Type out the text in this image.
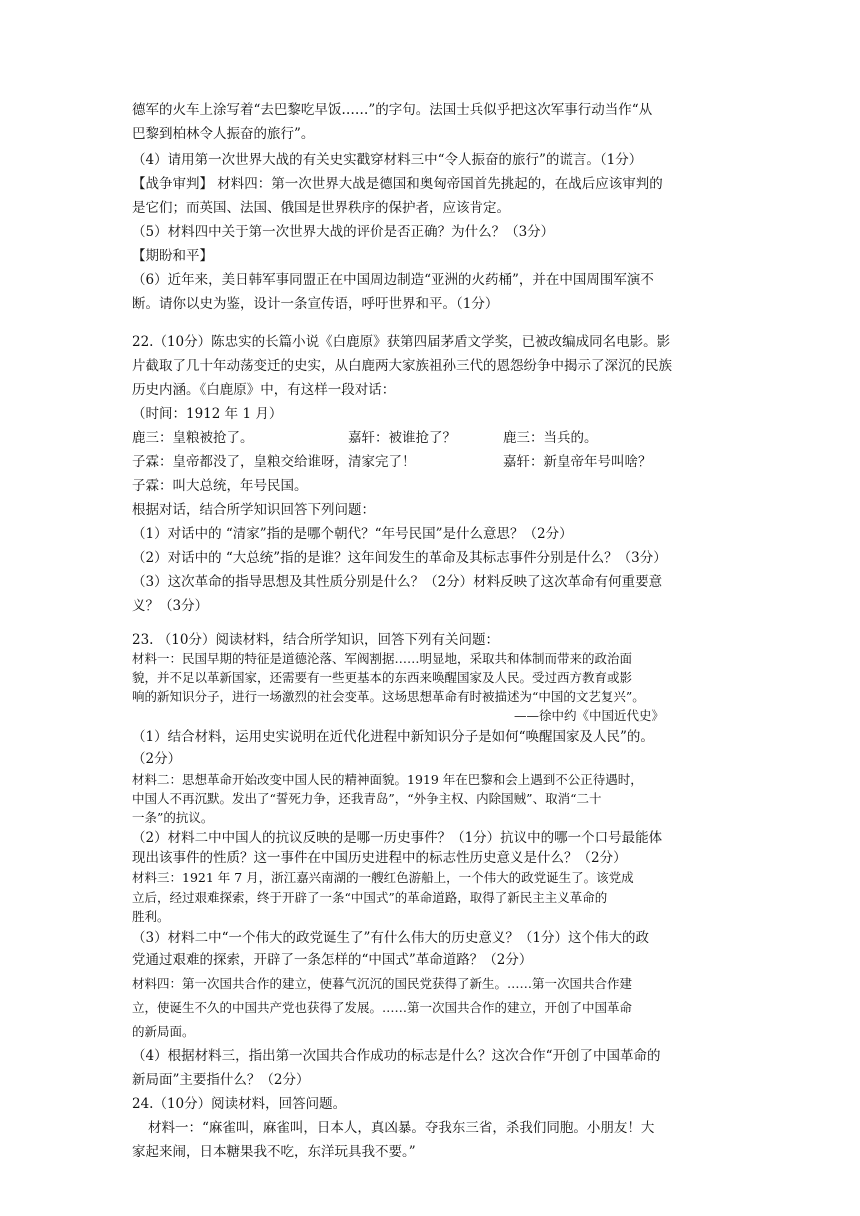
德军的火车上涂写着“去巴黎吃早饭……”的字句。法国士兵似乎把这次军事行动当作“从
巴黎到柏林令人振奋的旅行”。
（4）请用第一次世界大战的有关史实戳穿材料三中“令人振奋的旅行”的谎言。（1分）
【战争审判】 材料四：第一次世界大战是德国和奥匈帝国首先挑起的，在战后应该审判的
是它们；而英国、法国、俄国是世界秩序的保护者，应该肯定。
（5）材料四中关于第一次世界大战的评价是否正确？为什么？（3分）
【期盼和平】
（6）近年来，美日韩军事同盟正在中国周边制造“亚洲的火药桶”，并在中国周围军演不
断。请你以史为鉴，设计一条宣传语，呼吁世界和平。（1分）
22.（10分）陈忠实的长篇小说《白鹿原》获第四届茅盾文学奖，已被改编成同名电影。影
片截取了几十年动荡变迁的史实，从白鹿两大家族祖孙三代的恩怨纷争中揭示了深沉的民族
历史内涵。《白鹿原》中，有这样一段对话：
（时间：1912 年 1 月）
鹿三：皇粮被抢了。	嘉轩：被谁抢了？	鹿三：当兵的。
子霖：皇帝都没了，皇粮交给谁呀，清家完了！	嘉轩：新皇帝年号叫啥？
子霖：叫大总统，年号民国。
根据对话，结合所学知识回答下列问题：
（1）对话中的 “清家”指的是哪个朝代？“年号民国”是什么意思？（2分）
（2）对话中的 “大总统”指的是谁？这年间发生的革命及其标志事件分别是什么？（3分）
（3）这次革命的指导思想及其性质分别是什么？（2分）材料反映了这次革命有何重要意
义？（3分）
23. （10分）阅读材料，结合所学知识，回答下列有关问题：
材料一：民国早期的特征是道德沦落、军阀割据……明显地，采取共和体制而带来的政治面
貌，并不足以革新国家，还需要有一些更基本的东西来唤醒国家及人民。受过西方教育或影
响的新知识分子，进行一场激烈的社会变革。这场思想革命有时被描述为“中国的文艺复兴”。
——徐中约《中国近代史》
（1）结合材料，运用史实说明在近代化进程中新知识分子是如何“唤醒国家及人民”的。
（2分）
材料二：思想革命开始改变中国人民的精神面貌。1919 年在巴黎和会上遇到不公正待遇时，
中国人不再沉默。发出了“誓死力争，还我青岛”，“外争主权、内除国贼”、取消“二十
一条”的抗议。
（2）材料二中中国人的抗议反映的是哪一历史事件？（1分）抗议中的哪一个口号最能体
现出该事件的性质？这一事件在中国历史进程中的标志性历史意义是什么？（2分）
材料三：1921 年 7 月，浙江嘉兴南湖的一艘红色游船上，一个伟大的政党诞生了。该党成
立后，经过艰难探索，终于开辟了一条“中国式”的革命道路，取得了新民主主义革命的
胜利。
（3）材料二中“一个伟大的政党诞生了”有什么伟大的历史意义？（1分）这个伟大的政
党通过艰难的探索，开辟了一条怎样的“中国式”革命道路？（2分）
材料四：第一次国共合作的建立，使暮气沉沉的国民党获得了新生。……第一次国共合作建
立，使诞生不久的中国共产党也获得了发展。……第一次国共合作的建立，开创了中国革命
的新局面。
（4）根据材料三，指出第一次国共合作成功的标志是什么？这次合作“开创了中国革命的
新局面”主要指什么？（2分）
24.（10分）阅读材料，回答问题。
材料一：“麻雀叫，麻雀叫，日本人，真凶暴。夺我东三省，杀我们同胞。小朋友！大
家起来闹，日本糖果我不吃，东洋玩具我不要。”
